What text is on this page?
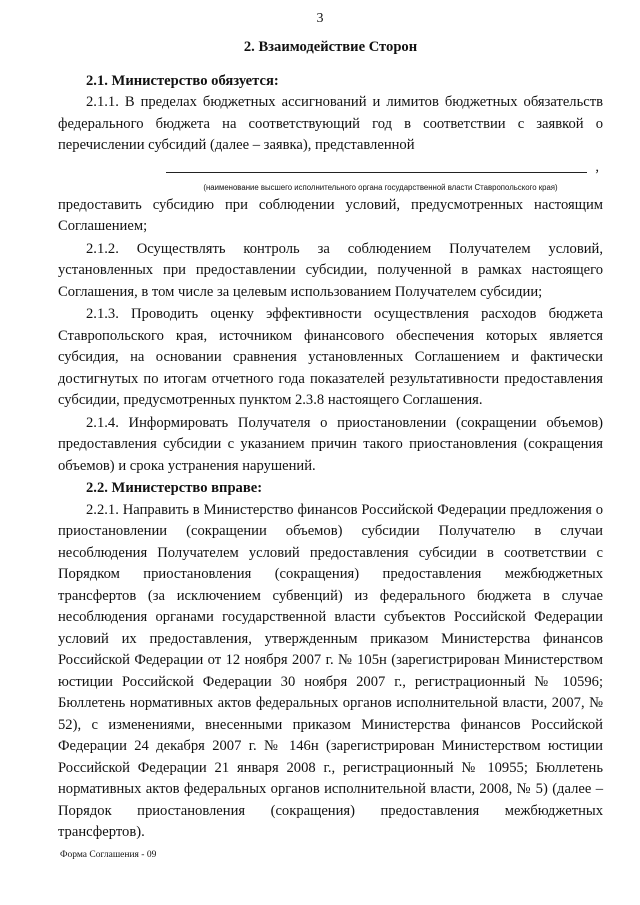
3
2. Взаимодействие Сторон
2.1. Министерство обязуется:

2.1.1. В пределах бюджетных ассигнований и лимитов бюджетных обязательств федерального бюджета на соответствующий год в соответствии с заявкой о перечислении субсидий (далее – заявка), представленной

,
(наименование высшего исполнительного органа государственной власти Ставропольского края)

предоставить субсидию при соблюдении условий, предусмотренных настоящим Соглашением;

2.1.2. Осуществлять контроль за соблюдением Получателем условий, установленных при предоставлении субсидии, полученной в рамках настоящего Соглашения, в том числе за целевым использованием Получателем субсидии;

2.1.3. Проводить оценку эффективности осуществления расходов бюджета Ставропольского края, источником финансового обеспечения которых является субсидия, на основании сравнения установленных Соглашением и фактически достигнутых по итогам отчетного года показателей результативности предоставления субсидии, предусмотренных пунктом 2.3.8 настоящего Соглашения.

2.1.4. Информировать Получателя о приостановлении (сокращении объемов) предоставления субсидии с указанием причин такого приостановления (сокращения объемов) и срока устранения нарушений.

2.2. Министерство вправе:

2.2.1. Направить в Министерство финансов Российской Федерации предложения о приостановлении (сокращении объемов) субсидии Получателю в случаи несоблюдения Получателем условий предоставления субсидии в соответствии с Порядком приостановления (сокращения) предоставления межбюджетных трансфертов (за исключением субвенций) из федерального бюджета в случае несоблюдения органами государственной власти субъектов Российской Федерации условий их предоставления, утвержденным приказом Министерства финансов Российской Федерации от 12 ноября 2007 г. № 105н (зарегистрирован Министерством юстиции Российской Федерации 30 ноября 2007 г., регистрационный № 10596; Бюллетень нормативных актов федеральных органов исполнительной власти, 2007, № 52), с изменениями, внесенными приказом Министерства финансов Российской Федерации 24 декабря 2007 г. № 146н (зарегистрирован Министерством юстиции Российской Федерации 21 января 2008 г., регистрационный № 10955; Бюллетень нормативных актов федеральных органов исполнительной власти, 2008, № 5) (далее – Порядок приостановления (сокращения) предоставления межбюджетных трансфертов).

Форма Соглашения - 09
